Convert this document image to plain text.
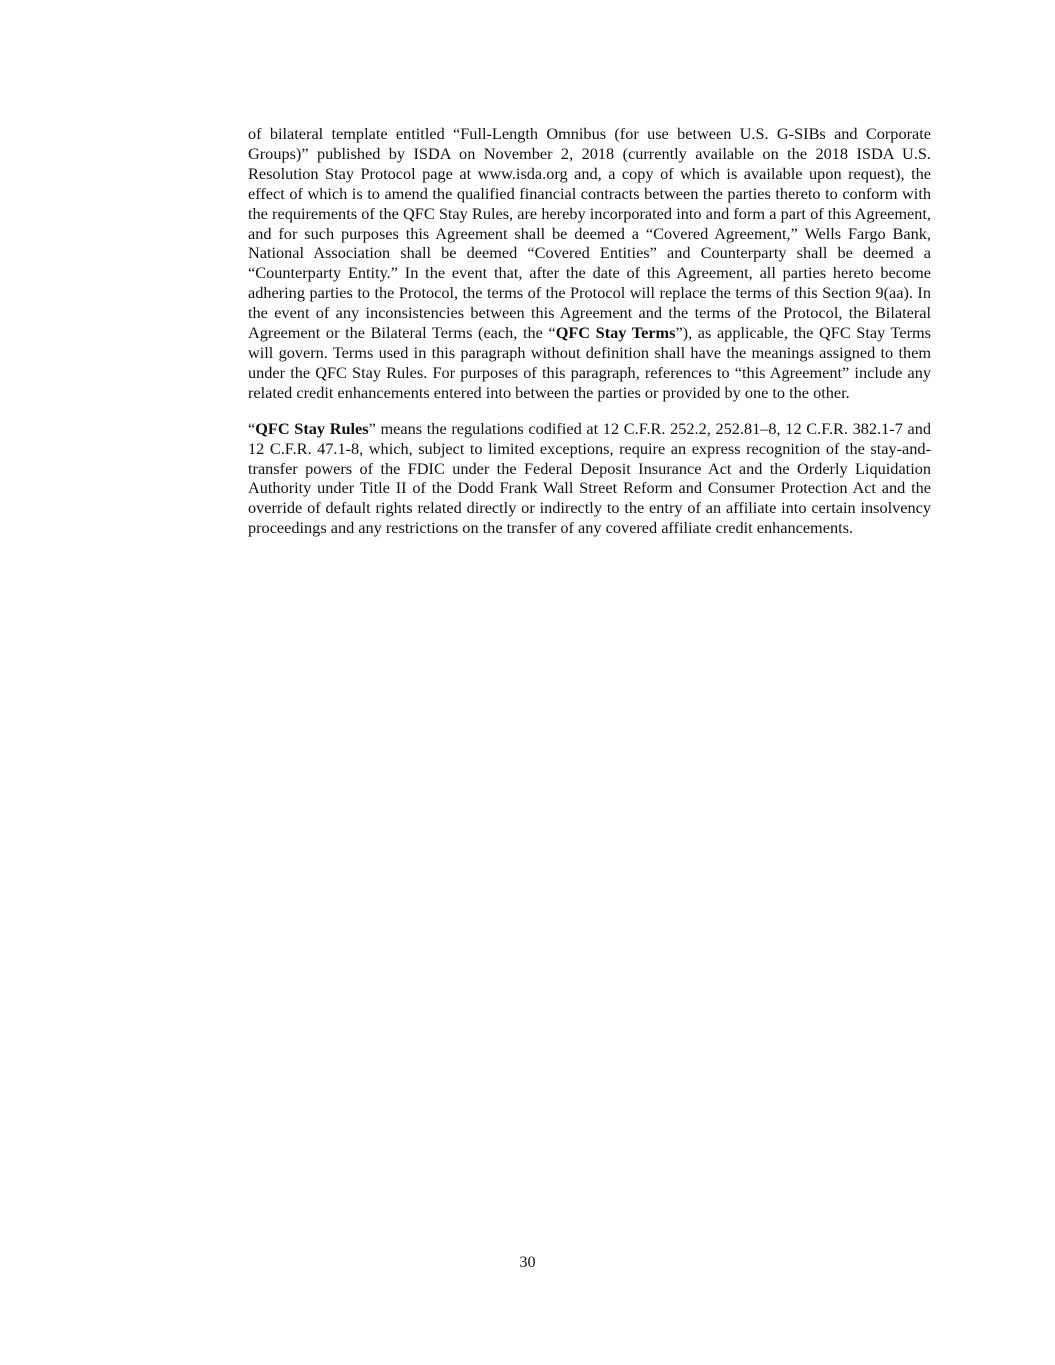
of bilateral template entitled “Full-Length Omnibus (for use between U.S. G-SIBs and Corporate Groups)” published by ISDA on November 2, 2018 (currently available on the 2018 ISDA U.S. Resolution Stay Protocol page at www.isda.org and, a copy of which is available upon request), the effect of which is to amend the qualified financial contracts between the parties thereto to conform with the requirements of the QFC Stay Rules, are hereby incorporated into and form a part of this Agreement, and for such purposes this Agreement shall be deemed a “Covered Agreement,” Wells Fargo Bank, National Association shall be deemed “Covered Entities” and Counterparty shall be deemed a “Counterparty Entity.” In the event that, after the date of this Agreement, all parties hereto become adhering parties to the Protocol, the terms of the Protocol will replace the terms of this Section 9(aa). In the event of any inconsistencies between this Agreement and the terms of the Protocol, the Bilateral Agreement or the Bilateral Terms (each, the “QFC Stay Terms”), as applicable, the QFC Stay Terms will govern. Terms used in this paragraph without definition shall have the meanings assigned to them under the QFC Stay Rules. For purposes of this paragraph, references to “this Agreement” include any related credit enhancements entered into between the parties or provided by one to the other.

“QFC Stay Rules” means the regulations codified at 12 C.F.R. 252.2, 252.81–8, 12 C.F.R. 382.1-7 and 12 C.F.R. 47.1-8, which, subject to limited exceptions, require an express recognition of the stay-and-transfer powers of the FDIC under the Federal Deposit Insurance Act and the Orderly Liquidation Authority under Title II of the Dodd Frank Wall Street Reform and Consumer Protection Act and the override of default rights related directly or indirectly to the entry of an affiliate into certain insolvency proceedings and any restrictions on the transfer of any covered affiliate credit enhancements.

30
